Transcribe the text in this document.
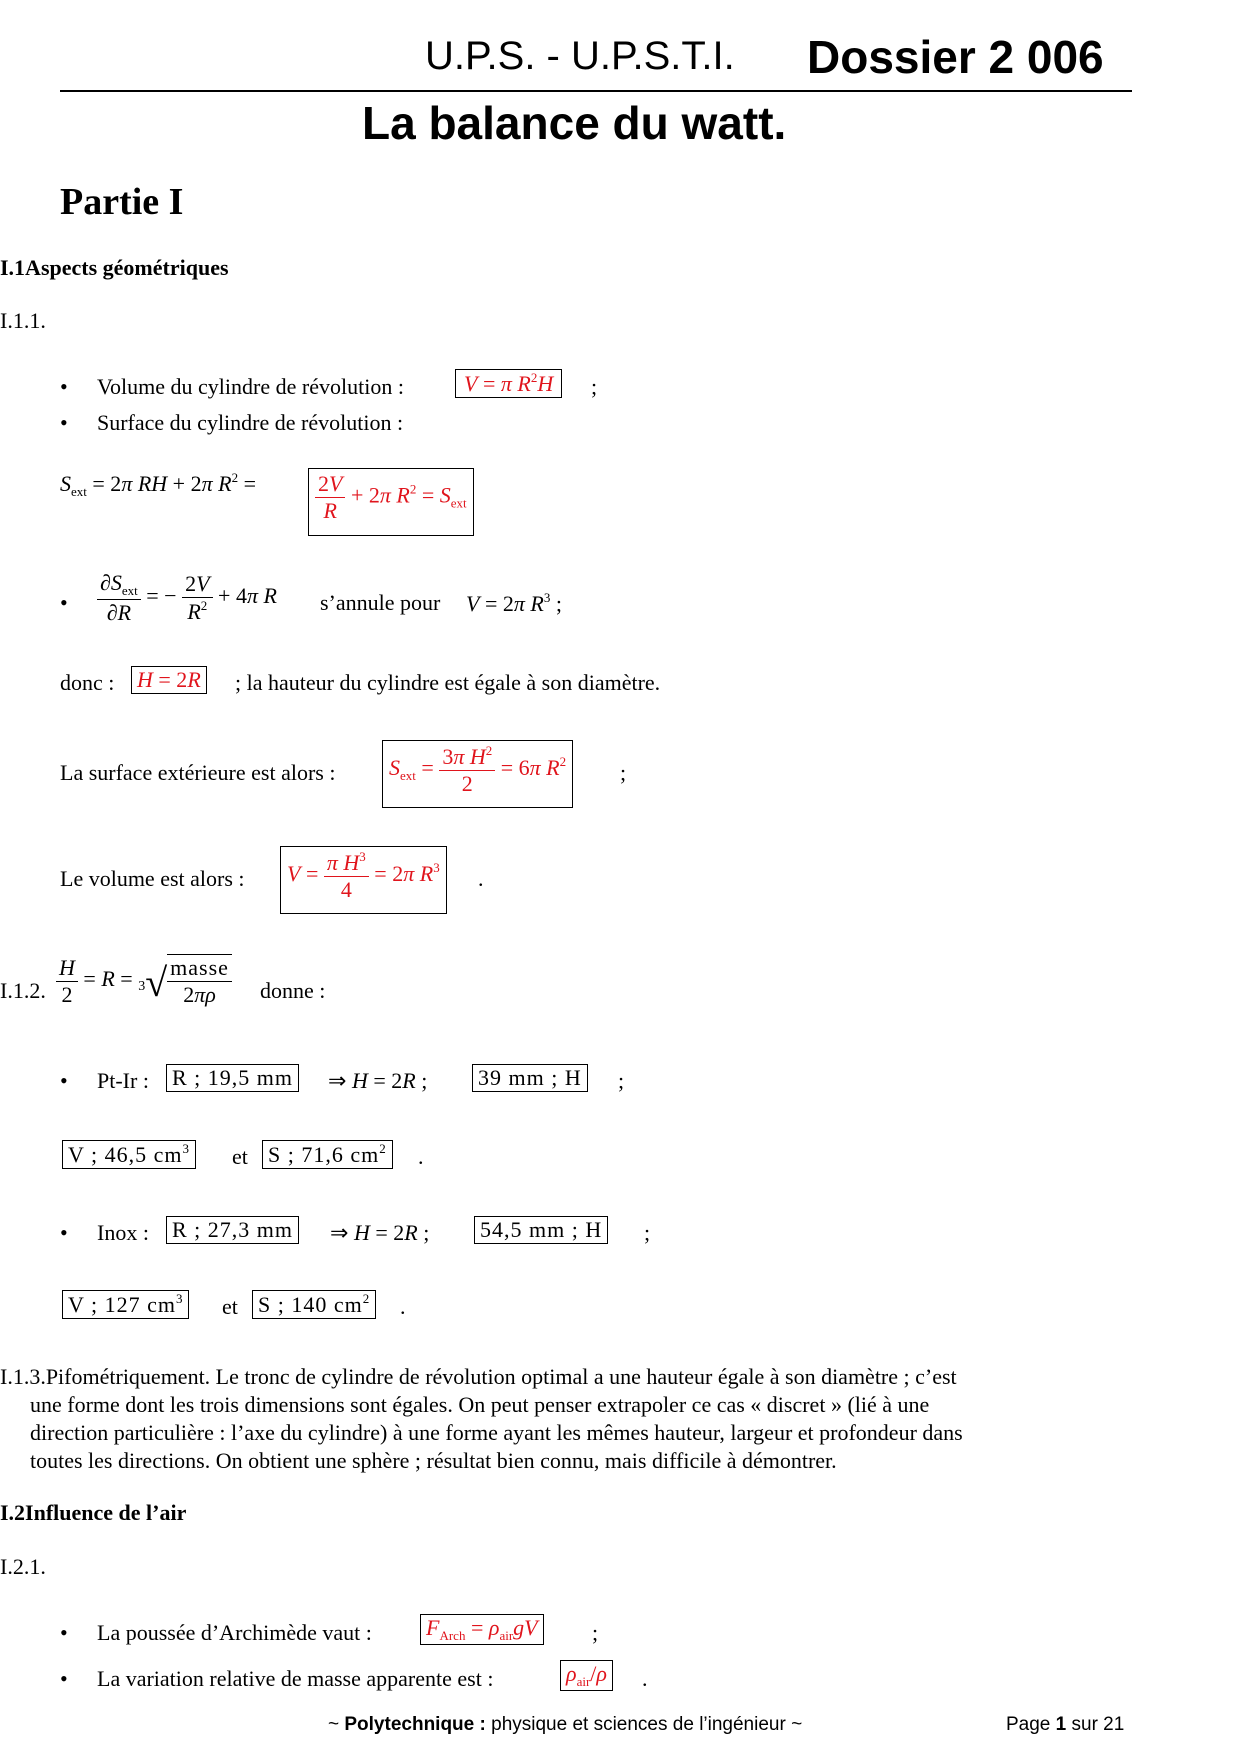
U.P.S. - U.P.S.T.I. Dossier 2 006
La balance du watt.
Partie I
I.1Aspects géométriques
I.1.1.
• Volume du cylindre de révolution :	V = π $R^2H$	;
• Surface du cylindre de révolution :
$S_{ext} = 2\pi$ RH + 2π $R^2$ =	$\frac{2V}{R} + 2\pi$ $R^2 = S_{ext}$
• $\frac{\partial S_{ext}}{\partial R}$ = − $\frac{2V}{R^2} + 4\pi$ R s’annule pour V = 2π $R^3$ ;
donc : H = 2R ; la hauteur du cylindre est égale à son diamètre.
La surface extérieure est alors :	$S_{ext} = \frac{3\pi H^2}{2} = 6\pi$ $R^2$	;
Le volume est alors :	$V = \frac{\pi H^3}{4} = 2\pi$ $R^3$	.
I.1.2. $\frac{H}{2} = R = 3√ \frac{\text{masse}}{2\pi\rho}$ donne :
• Pt-Ir : R ; 19,5 mm ⇒ H = 2R ; 39 mm ; H ;
V ; 46,5 $cm^3$ et S ; 71,6 $cm^2$ .
• Inox : R ; 27,3 mm ⇒ H = 2R ; 54,5 mm ; H ;
V ; 127 $cm^3$ et S ; 140 $cm^2$ .
I.1.3.Pifométriquement. Le tronc de cylindre de révolution optimal a une hauteur égale à son diamètre ; c’est
une forme dont les trois dimensions sont égales. On peut penser extrapoler ce cas « discret » (lié à une
direction particulière : l’axe du cylindre) à une forme ayant les mêmes hauteur, largeur et profondeur dans
toutes les directions. On obtient une sphère ; résultat bien connu, mais difficile à démontrer.
I.2Influence de l’air
I.2.1.
• La poussée d’Archimède vaut : $F_{Arch} = \rho_{air}gV$ ;
• La variation relative de masse apparente est :	$\rho_{air}/\rho$ .
~ Polytechnique : physique et sciences de l’ingénieur ~	Page 1 sur 21
